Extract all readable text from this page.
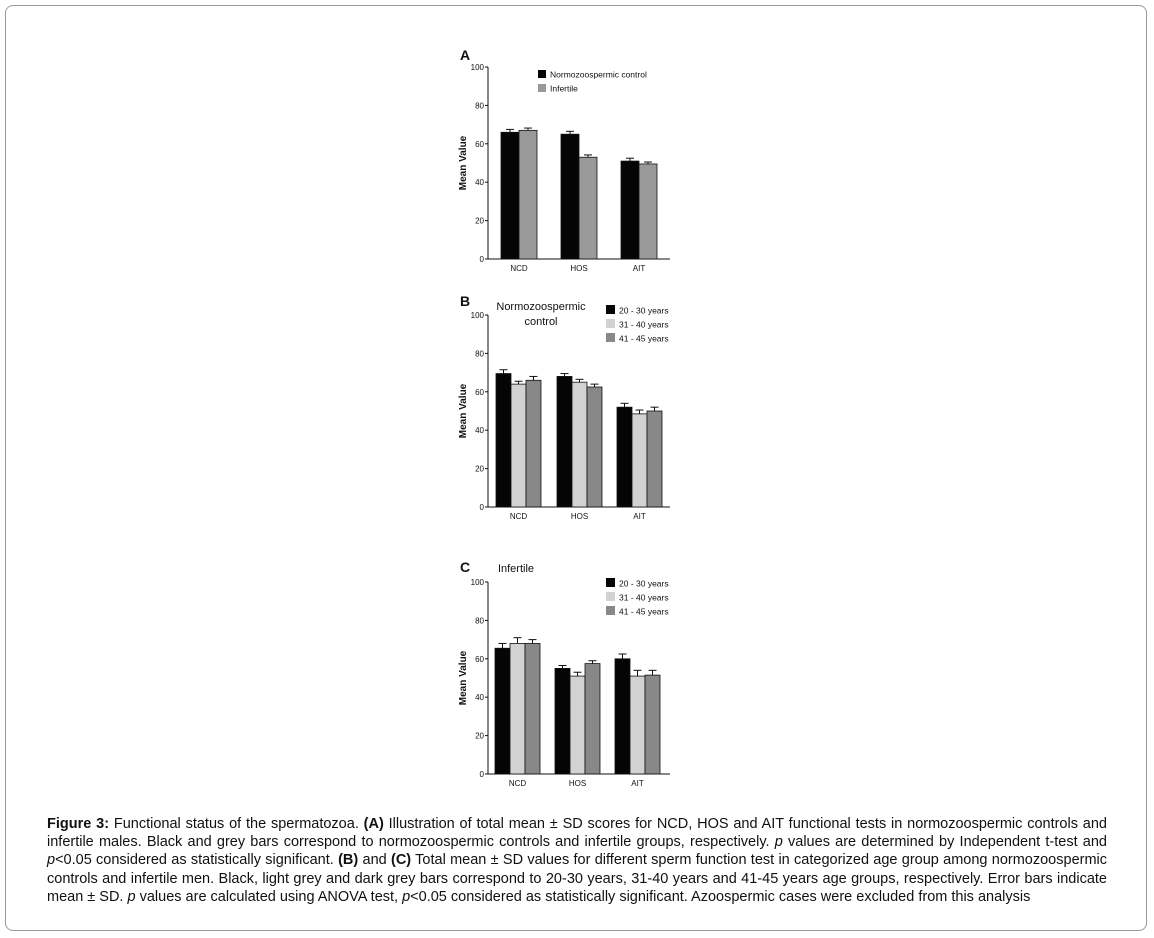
A
0
20
40
60
80
100
Mean Value
NCD	HOS	AIT
Normozoospermic control
Infertile
B Normozoospermic
control
0
20
40
60
80
100
Mean Value
NCD	HOS	AIT
20 - 30 years
31 - 40 years
41 - 45 years
C	Infertile
0
20
40
60
80
100
Mean Value
NCD	HOS	AIT
20 - 30 years
31 - 40 years
41 - 45 years

Figure 3: Functional status of the spermatozoa. (A) Illustration of total mean ± SD scores for NCD, HOS and AIT functional tests in normozoospermic controls and infertile males. Black and grey bars correspond to normozoospermic controls and infertile groups, respectively. p values are determined by Independent t-test and p<0.05 considered as statistically significant. (B) and (C) Total mean ± SD values for different sperm function test in categorized age group among normozoospermic controls and infertile men. Black, light grey and dark grey bars correspond to 20-30 years, 31-40 years and 41-45 years age groups, respectively. Error bars indicate mean ± SD. p values are calculated using ANOVA test, p<0.05 considered as statistically significant. Azoospermic cases were excluded from this analysis
